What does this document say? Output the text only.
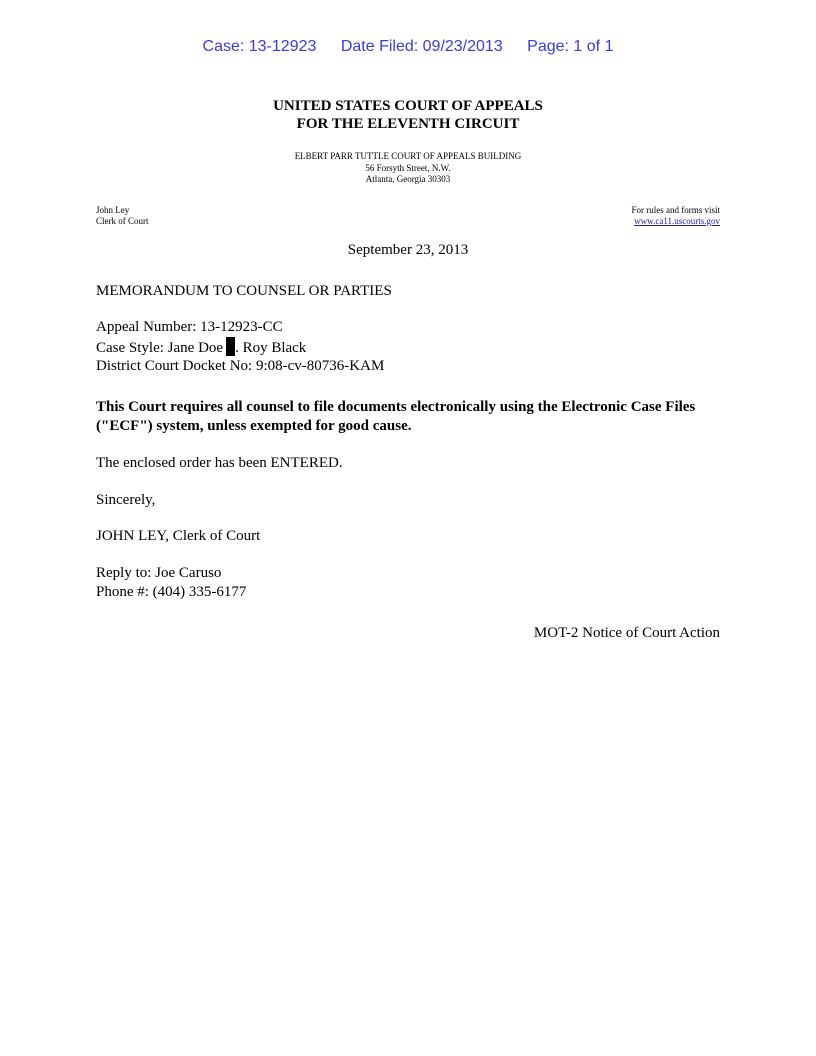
Case: 13-12923 Date Filed: 09/23/2013 Page: 1 of 1
UNITED STATES COURT OF APPEALS
FOR THE ELEVENTH CIRCUIT
ELBERT PARR TUTTLE COURT OF APPEALS BUILDING
56 Forsyth Street, N.W.
Atlanta, Georgia 30303
John Ley
Clerk of Court
For rules and forms visit
www.ca11.uscourts.gov
September 23, 2013
MEMORANDUM TO COUNSEL OR PARTIES
Appeal Number: 13-12923-CC
Case Style: Jane Doe . Roy Black
District Court Docket No: 9:08-cv-80736-KAM
This Court requires all counsel to file documents electronically using the Electronic Case Files ("ECF") system, unless exempted for good cause.
The enclosed order has been ENTERED.
Sincerely,
JOHN LEY, Clerk of Court
Reply to: Joe Caruso
Phone #: (404) 335-6177
MOT-2 Notice of Court Action
